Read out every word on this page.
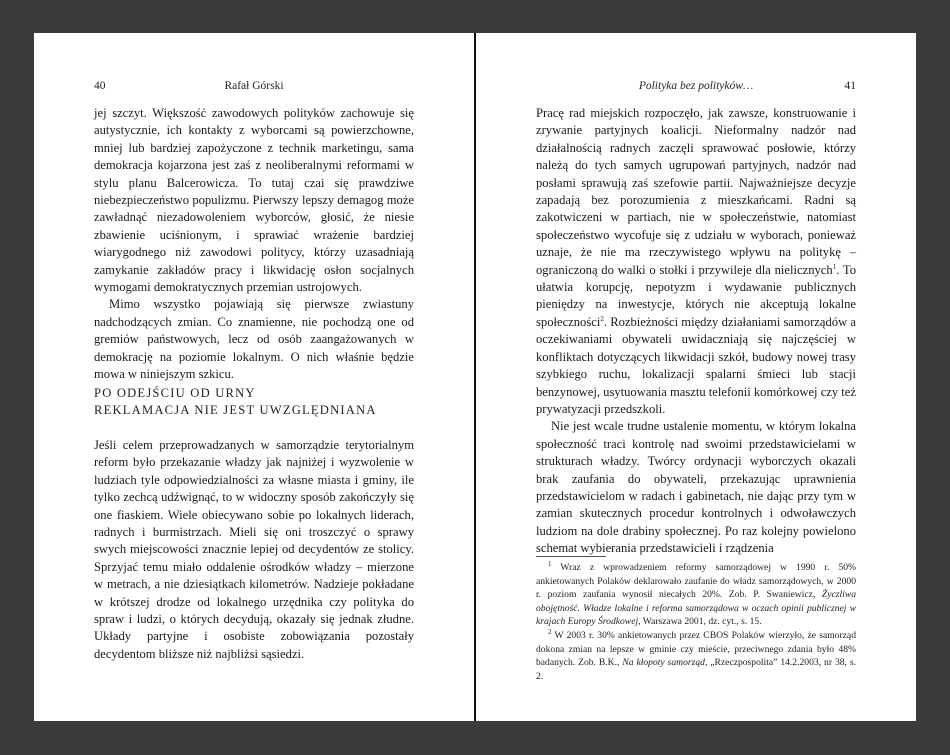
40	Rafał Górski

jej szczyt. Większość zawodowych polityków zachowuje się autystycznie, ich kontakty z wyborcami są powierzchowne, mniej lub bardziej zapożyczone z technik marketingu, sama demokracja kojarzona jest zaś z neoliberalnymi reformami w stylu planu Balcerowicza. To tutaj czai się prawdziwe niebezpieczeństwo populizmu. Pierwszy lepszy demagog może zawładnąć niezadowoleniem wyborców, głosić, że niesie zbawienie uciśnionym, i sprawiać wrażenie bardziej wiarygodnego niż zawodowi politycy, którzy uzasadniają zamykanie zakładów pracy i likwidację osłon socjalnych wymogami demokratycznych przemian ustrojowych.

Mimo wszystko pojawiają się pierwsze zwiastuny nadchodzących zmian. Co znamienne, nie pochodzą one od gremiów państwowych, lecz od osób zaangażowanych w demokrację na poziomie lokalnym. O nich właśnie będzie mowa w niniejszym szkicu.

PO ODEJŚCIU OD URNY
REKLAMACJA NIE JEST UWZGLĘDNIANA

Jeśli celem przeprowadzanych w samorządzie terytorialnym reform było przekazanie władzy jak najniżej i wyzwolenie w ludziach tyle odpowiedzialności za własne miasta i gminy, ile tylko zechcą udźwignąć, to w widoczny sposób zakończyły się one fiaskiem. Wiele obiecywano sobie po lokalnych liderach, radnych i burmistrzach. Mieli się oni troszczyć o sprawy swych miejscowości znacznie lepiej od decydentów ze stolicy. Sprzyjać temu miało oddalenie ośrodków władzy – mierzone w metrach, a nie dziesiątkach kilometrów. Nadzieje pokładane w krótszej drodze od lokalnego urzędnika czy polityka do spraw i ludzi, o których decydują, okazały się jednak złudne. Układy partyjne i osobiste zobowiązania pozostały decydentom bliższe niż najbliżsi sąsiedzi.

Polityka bez polityków…	41

Pracę rad miejskich rozpoczęło, jak zawsze, konstruowanie i zrywanie partyjnych koalicji. Nieformalny nadzór nad działalnością radnych zaczęli sprawować posłowie, którzy należą do tych samych ugrupowań partyjnych, nadzór nad posłami sprawują zaś szefowie partii. Najważniejsze decyzje zapadają bez porozumienia z mieszkańcami. Radni są zakotwiczeni w partiach, nie w społeczeństwie, natomiast społeczeństwo wycofuje się z udziału w wyborach, ponieważ uznaje, że nie ma rzeczywistego wpływu na politykę – ograniczoną do walki o stołki i przywileje dla nielicznych$^1$. To ułatwia korupcję, nepotyzm i wydawanie publicznych pieniędzy na inwestycje, których nie akceptują lokalne społeczności$^2$. Rozbieżności między działaniami samorządów a oczekiwaniami obywateli uwidaczniają się najczęściej w konfliktach dotyczących likwidacji szkół, budowy nowej trasy szybkiego ruchu, lokalizacji spalarni śmieci lub stacji benzynowej, usytuowania masztu telefonii komórkowej czy też prywatyzacji przedszkoli.

Nie jest wcale trudne ustalenie momentu, w którym lokalna społeczność traci kontrolę nad swoimi przedstawicielami w strukturach władzy. Twórcy ordynacji wyborczych okazali brak zaufania do obywateli, przekazując uprawnienia przedstawicielom w radach i gabinetach, nie dając przy tym w zamian skutecznych procedur kontrolnych i odwoławczych ludziom na dole drabiny społecznej. Po raz kolejny powielono schemat wybierania przedstawicieli i rządzenia

$^1$ Wraz z wprowadzeniem reformy samorządowej w 1990 r. 50% ankietowanych Polaków deklarowało zaufanie do władz samorządowych, w 2000 r. poziom zaufania wynosił niecałych 20%. Zob. P. Swaniewicz, Życzliwa obojętność. Władze lokalne i reforma samorządowa w oczach opinii publicznej w krajach Europy Środkowej, Warszawa 2001, dz. cyt., s. 15.

$^2$ W 2003 r. 30% ankietowanych przez CBOS Polaków wierzyło, że samorząd dokona zmian na lepsze w gminie czy mieście, przeciwnego zdania było 48% badanych. Zob. B.K., Na kłopoty samorząd, „Rzeczpospolita” 14.2.2003, nr 38, s. 2.
